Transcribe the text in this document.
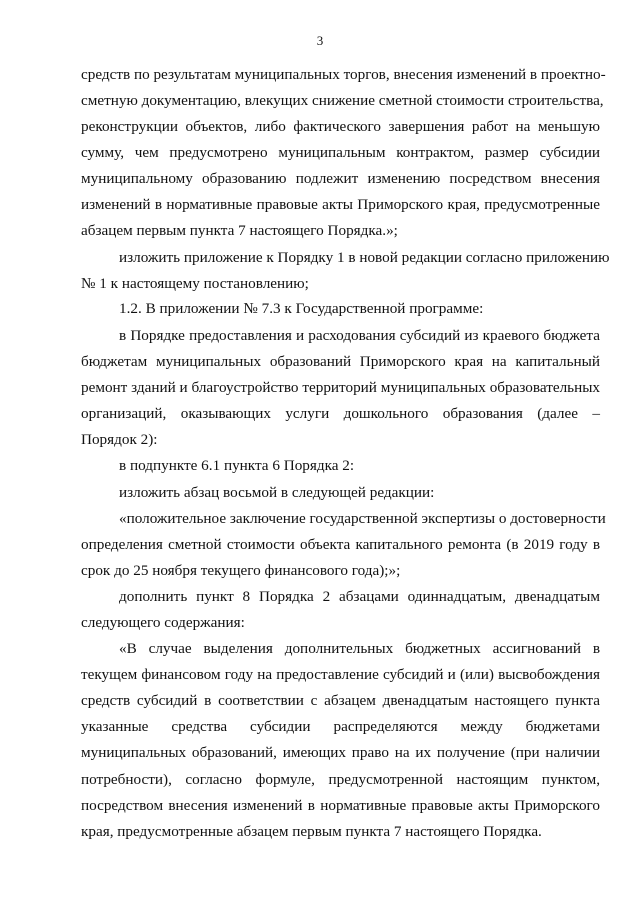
3
средств по результатам муниципальных торгов, внесения изменений в проектно-
сметную документацию, влекущих снижение сметной стоимости строительства,
реконструкции объектов, либо фактического завершения работ на меньшую
сумму, чем предусмотрено муниципальным контрактом, размер субсидии
муниципальному образованию подлежит изменению посредством внесения
изменений в нормативные правовые акты Приморского края, предусмотренные
абзацем первым пункта 7 настоящего Порядка.»;
изложить приложение к Порядку 1 в новой редакции согласно приложению
№ 1 к настоящему постановлению;
1.2. В приложении № 7.3 к Государственной программе:
в Порядке предоставления и расходования субсидий из краевого бюджета
бюджетам муниципальных образований Приморского края на капитальный
ремонт зданий и благоустройство территорий муниципальных образовательных
организаций, оказывающих услуги дошкольного образования (далее –
Порядок 2):
в подпункте 6.1 пункта 6 Порядка 2:
изложить абзац восьмой в следующей редакции:
«положительное заключение государственной экспертизы о достоверности
определения сметной стоимости объекта капитального ремонта (в 2019 году в
срок до 25 ноября текущего финансового года);»;
дополнить пункт 8 Порядка 2 абзацами одиннадцатым, двенадцатым
следующего содержания:
«В случае выделения дополнительных бюджетных ассигнований в
текущем финансовом году на предоставление субсидий и (или) высвобождения
средств субсидий в соответствии с абзацем двенадцатым настоящего пункта
указанные средства субсидии распределяются между бюджетами
муниципальных образований, имеющих право на их получение (при наличии
потребности), согласно формуле, предусмотренной настоящим пунктом,
посредством внесения изменений в нормативные правовые акты Приморского
края, предусмотренные абзацем первым пункта 7 настоящего Порядка.
